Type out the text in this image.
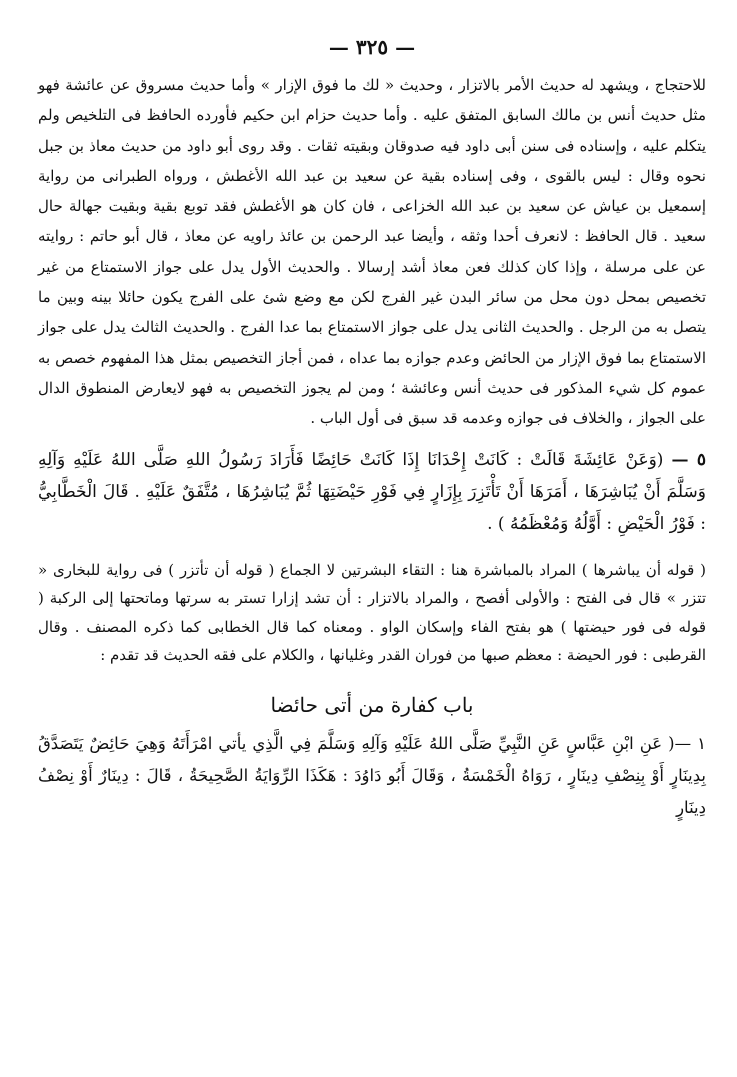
— ٣٢٥ —

للاحتجاج ، ويشهد له حديث الأمر بالاتزار ، وحديث « لك ما فوق الإزار » وأما حديث مسروق عن عائشة فهو مثل حديث أنس بن مالك السابق المتفق عليه . وأما حديث حزام ابن حكيم فأورده الحافظ فى التلخيص ولم يتكلم عليه ، وإسناده فى سنن أبى داود فيه صدوقان وبقيته ثقات . وقد روى أبو داود من حديث معاذ بن جبل نحوه وقال : ليس بالقوى ، وفى إسناده بقية عن سعيد بن عبد الله الأغطش ، ورواه الطبرانى من رواية إسمعيل بن عياش عن سعيد بن عبد الله الخزاعى ، فان كان هو الأغطش فقد توبع بقية وبقيت جهالة حال سعيد . قال الحافظ : لانعرف أحدا وثقه ، وأيضا عبد الرحمن بن عائذ راويه عن معاذ ، قال أبو حاتم : روايته عن على مرسلة ، وإذا كان كذلك فعن معاذ أشد إرسالا . والحديث الأول يدل على جواز الاستمتاع من غير تخصيص بمحل دون محل من سائر البدن غير الفرج لكن مع وضع شئ على الفرج يكون حائلا بينه وبين ما يتصل به من الرجل . والحديث الثانى يدل على جواز الاستمتاع بما عدا الفرج . والحديث الثالث يدل على جواز الاستمتاع بما فوق الإزار من الحائض وعدم جوازه بما عداه ، فمن أجاز التخصيص بمثل هذا المفهوم خصص به عموم كل شيء المذكور فى حديث أنس وعائشة ؛ ومن لم يجوز التخصيص به فهو لايعارض المنطوق الدال على الجواز ، والخلاف فى جوازه وعدمه قد سبق فى أول الباب .

٥ —(وَعَنْ عَائِشَةَ قَالَتْ : كَانَتْ إِحْدَانَا إِذَا كَانَتْ حَائِضًا فَأَرَادَ رَسُولُ اللهِ صَلَّى اللهُ عَلَيْهِ وَآلِهِ وَسَلَّمَ أَنْ يُبَاشِرَهَا ، أَمَرَهَا أَنْ تَأْتَزِرَ بِإِزَارٍ فِي فَوْرِ حَيْضَتِهَا ثُمَّ يُبَاشِرُهَا ، مُتَّفَقٌ عَلَيْهِ . قَالَ الْخَطَّابِيُّ : فَوْرُ الْحَيْضِ : أَوَّلُهُ وَمُعْظَمُهُ ) .

( قوله أن يباشرها ) المراد بالمباشرة هنا : التقاء البشرتين لا الجماع ( قوله أن تأتزر ) فى رواية للبخارى « تتزر » قال فى الفتح : والأولى أفصح ، والمراد بالاتزار : أن تشد إزارا تستر به سرتها وماتحتها إلى الركبة ( قوله فى فور حيضتها ) هو بفتح الفاء وإسكان الواو . ومعناه كما قال الخطابى كما ذكره المصنف . وقال القرطبى : فور الحيضة : معظم صبها من فوران القدر وغليانها ، والكلام على فقه الحديث قد تقدم :

باب كفارة من أتى حائضا

١ —( عَنِ ابْنِ عَبَّاسٍ عَنِ النَّبِيِّ صَلَّى اللهُ عَلَيْهِ وَآلِهِ وَسَلَّمَ فِي الَّذِي يأتي امْرَأَتَهُ وَهِيَ حَائِضٌ يَتَصَدَّقُ بِدِينَارٍ أَوْ بِنِصْفِ دِينَارٍ ، رَوَاهُ الْخَمْسَةُ ، وَقَالَ أَبُو دَاوُدَ : هَكَذَا الرِّوَايَةُ الصَّحِيحَةُ ، قَالَ : دِينَارٌ أَوْ نِصْفُ دِينَارٍ
